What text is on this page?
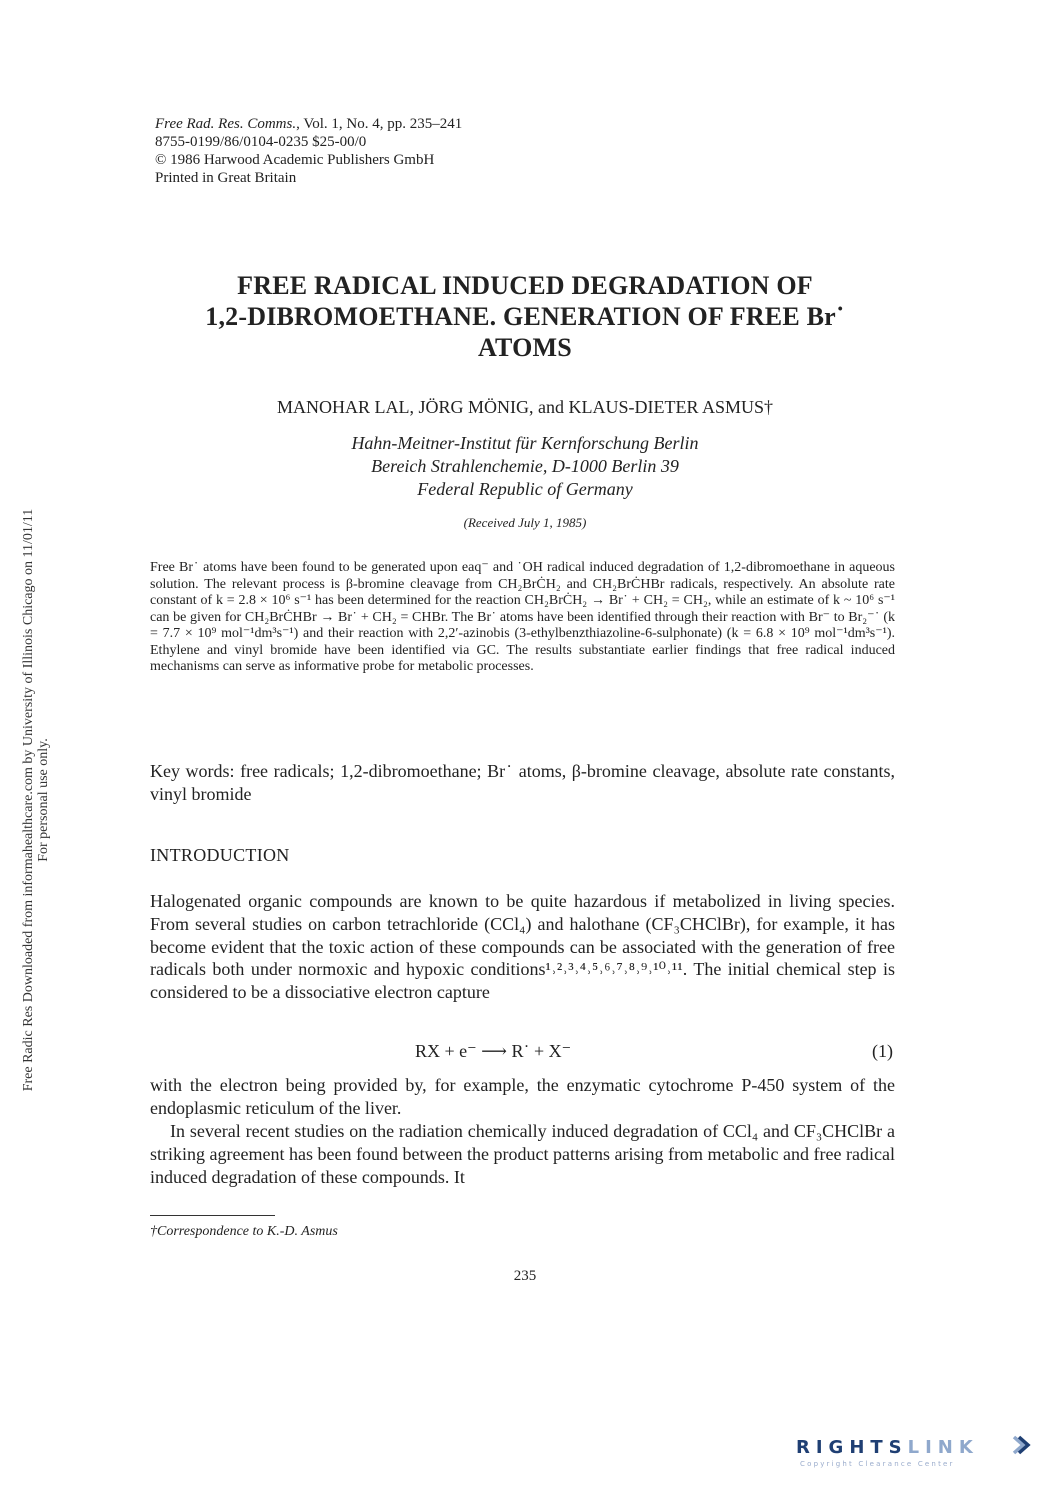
Free Rad. Res. Comms., Vol. 1, No. 4, pp. 235–241
8755-0199/86/0104-0235 $25-00/0
© 1986 Harwood Academic Publishers GmbH
Printed in Great Britain
FREE RADICAL INDUCED DEGRADATION OF
1,2-DIBROMOETHANE. GENERATION OF FREE Br˙
ATOMS
MANOHAR LAL, JÖRG MÖNIG, and KLAUS-DIETER ASMUS†
Hahn-Meitner-Institut für Kernforschung Berlin
Bereich Strahlenchemie, D-1000 Berlin 39
Federal Republic of Germany
(Received July 1, 1985)
Free Br˙ atoms have been found to be generated upon eaq⁻ and ˙OH radical induced degradation of 1,2-dibromoethane in aqueous solution. The relevant process is β-bromine cleavage from CH₂BrĊH₂ and CH₂BrĊHBr radicals, respectively. An absolute rate constant of k = 2.8 × 10⁶ s⁻¹ has been determined for the reaction CH₂BrĊH₂ → Br˙ + CH₂ = CH₂, while an estimate of k ~ 10⁶ s⁻¹ can be given for CH₂BrĊHBr → Br˙ + CH₂ = CHBr. The Br˙ atoms have been identified through their reaction with Br⁻ to Br₂⁻˙ (k = 7.7 × 10⁹ mol⁻¹dm³s⁻¹) and their reaction with 2,2′-azinobis (3-ethylbenzthiazoline-6-sulphonate) (k = 6.8 × 10⁹ mol⁻¹dm³s⁻¹). Ethylene and vinyl bromide have been identified via GC. The results substantiate earlier findings that free radical induced mechanisms can serve as informative probe for metabolic processes.
Key words: free radicals; 1,2-dibromoethane; Br˙ atoms, β-bromine cleavage, absolute rate constants, vinyl bromide
INTRODUCTION
Halogenated organic compounds are known to be quite hazardous if metabolized in living species. From several studies on carbon tetrachloride (CCl₄) and halothane (CF₃CHClBr), for example, it has become evident that the toxic action of these compounds can be associated with the generation of free radicals both under normoxic and hypoxic conditions¹˒²˒³˒⁴˒⁵˒⁶˒⁷˒⁸˒⁹˒¹⁰˒¹¹. The initial chemical step is considered to be a dissociative electron capture
RX + e⁻ ⟶ R˙ + X⁻	(1)
with the electron being provided by, for example, the enzymatic cytochrome P-450 system of the endoplasmic reticulum of the liver.
In several recent studies on the radiation chemically induced degradation of CCl₄ and CF₃CHClBr a striking agreement has been found between the product patterns arising from metabolic and free radical induced degradation of these compounds. It
†Correspondence to K.-D. Asmus
235
Free Radic Res Downloaded from informahealthcare.com by University of Illinois Chicago on 11/01/11 For personal use only.
RIGHTSLINK
Copyright Clearance Center
